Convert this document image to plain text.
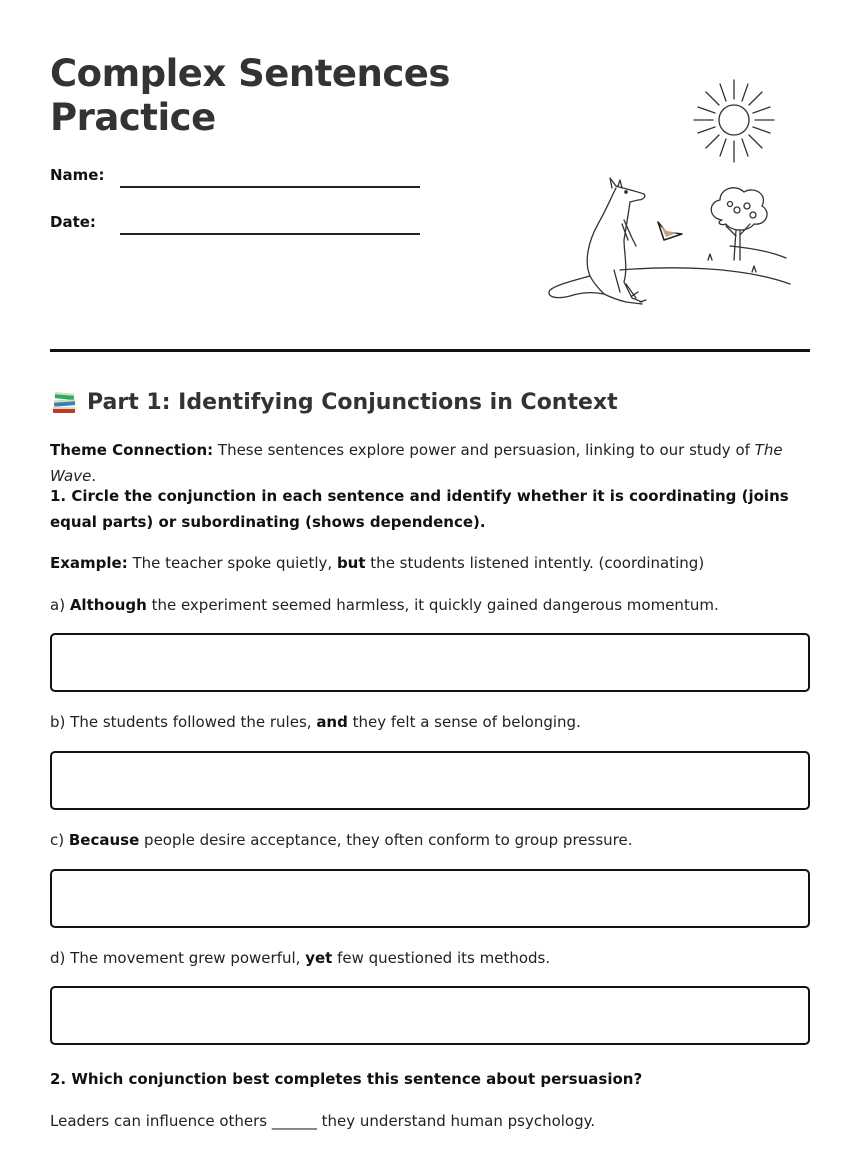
Complex Sentences
Practice
Name:
Date:
Part 1: Identifying Conjunctions in Context
Theme Connection: These sentences explore power and persuasion, linking to our study of The Wave.
1. Circle the conjunction in each sentence and identify whether it is coordinating (joins equal parts) or subordinating (shows dependence).
Example: The teacher spoke quietly, but the students listened intently. (coordinating)
a) Although the experiment seemed harmless, it quickly gained dangerous momentum.
b) The students followed the rules, and they felt a sense of belonging.
c) Because people desire acceptance, they often conform to group pressure.
d) The movement grew powerful, yet few questioned its methods.
2. Which conjunction best completes this sentence about persuasion?
Leaders can influence others ______ they understand human psychology.
